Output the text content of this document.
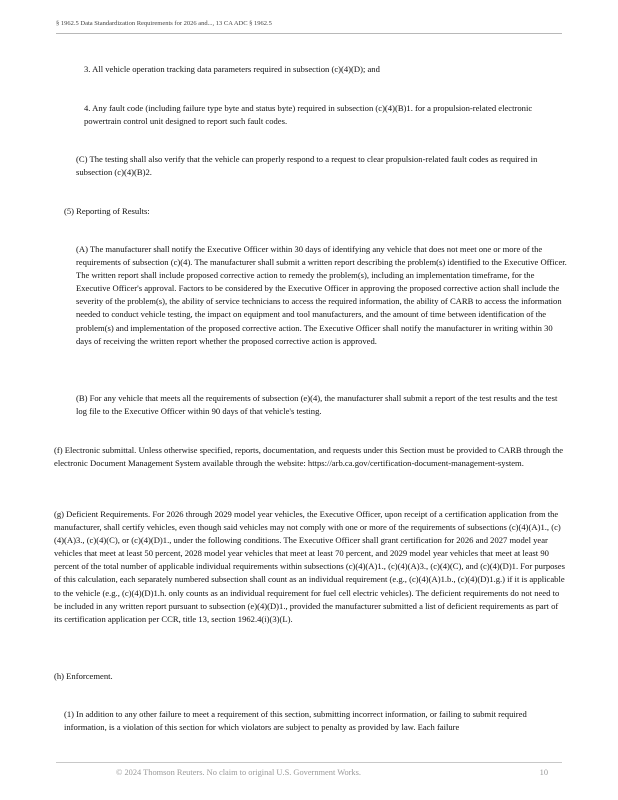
§ 1962.5 Data Standardization Requirements for 2026 and..., 13 CA ADC § 1962.5

3. All vehicle operation tracking data parameters required in subsection (c)(4)(D); and

4. Any fault code (including failure type byte and status byte) required in subsection (c)(4)(B)1. for a propulsion-related electronic powertrain control unit designed to report such fault codes.

(C) The testing shall also verify that the vehicle can properly respond to a request to clear propulsion-related fault codes as required in subsection (c)(4)(B)2.

(5) Reporting of Results:

(A) The manufacturer shall notify the Executive Officer within 30 days of identifying any vehicle that does not meet one or more of the requirements of subsection (c)(4). The manufacturer shall submit a written report describing the problem(s) identified to the Executive Officer. The written report shall include proposed corrective action to remedy the problem(s), including an implementation timeframe, for the Executive Officer's approval. Factors to be considered by the Executive Officer in approving the proposed corrective action shall include the severity of the problem(s), the ability of service technicians to access the required information, the ability of CARB to access the information needed to conduct vehicle testing, the impact on equipment and tool manufacturers, and the amount of time between identification of the problem(s) and implementation of the proposed corrective action. The Executive Officer shall notify the manufacturer in writing within 30 days of receiving the written report whether the proposed corrective action is approved.

(B) For any vehicle that meets all the requirements of subsection (e)(4), the manufacturer shall submit a report of the test results and the test log file to the Executive Officer within 90 days of that vehicle's testing.

(f) Electronic submittal. Unless otherwise specified, reports, documentation, and requests under this Section must be provided to CARB through the electronic Document Management System available through the website: https://arb.ca.gov/certification-document-management-system.

(g) Deficient Requirements. For 2026 through 2029 model year vehicles, the Executive Officer, upon receipt of a certification application from the manufacturer, shall certify vehicles, even though said vehicles may not comply with one or more of the requirements of subsections (c)(4)(A)1., (c)(4)(A)3., (c)(4)(C), or (c)(4)(D)1., under the following conditions. The Executive Officer shall grant certification for 2026 and 2027 model year vehicles that meet at least 50 percent, 2028 model year vehicles that meet at least 70 percent, and 2029 model year vehicles that meet at least 90 percent of the total number of applicable individual requirements within subsections (c)(4)(A)1., (c)(4)(A)3., (c)(4)(C), and (c)(4)(D)1. For purposes of this calculation, each separately numbered subsection shall count as an individual requirement (e.g., (c)(4)(A)1.b., (c)(4)(D)1.g.) if it is applicable to the vehicle (e.g., (c)(4)(D)1.h. only counts as an individual requirement for fuel cell electric vehicles). The deficient requirements do not need to be included in any written report pursuant to subsection (e)(4)(D)1., provided the manufacturer submitted a list of deficient requirements as part of its certification application per CCR, title 13, section 1962.4(i)(3)(L).

(h) Enforcement.

(1) In addition to any other failure to meet a requirement of this section, submitting incorrect information, or failing to submit required information, is a violation of this section for which violators are subject to penalty as provided by law. Each failure

© 2024 Thomson Reuters. No claim to original U.S. Government Works.	10
